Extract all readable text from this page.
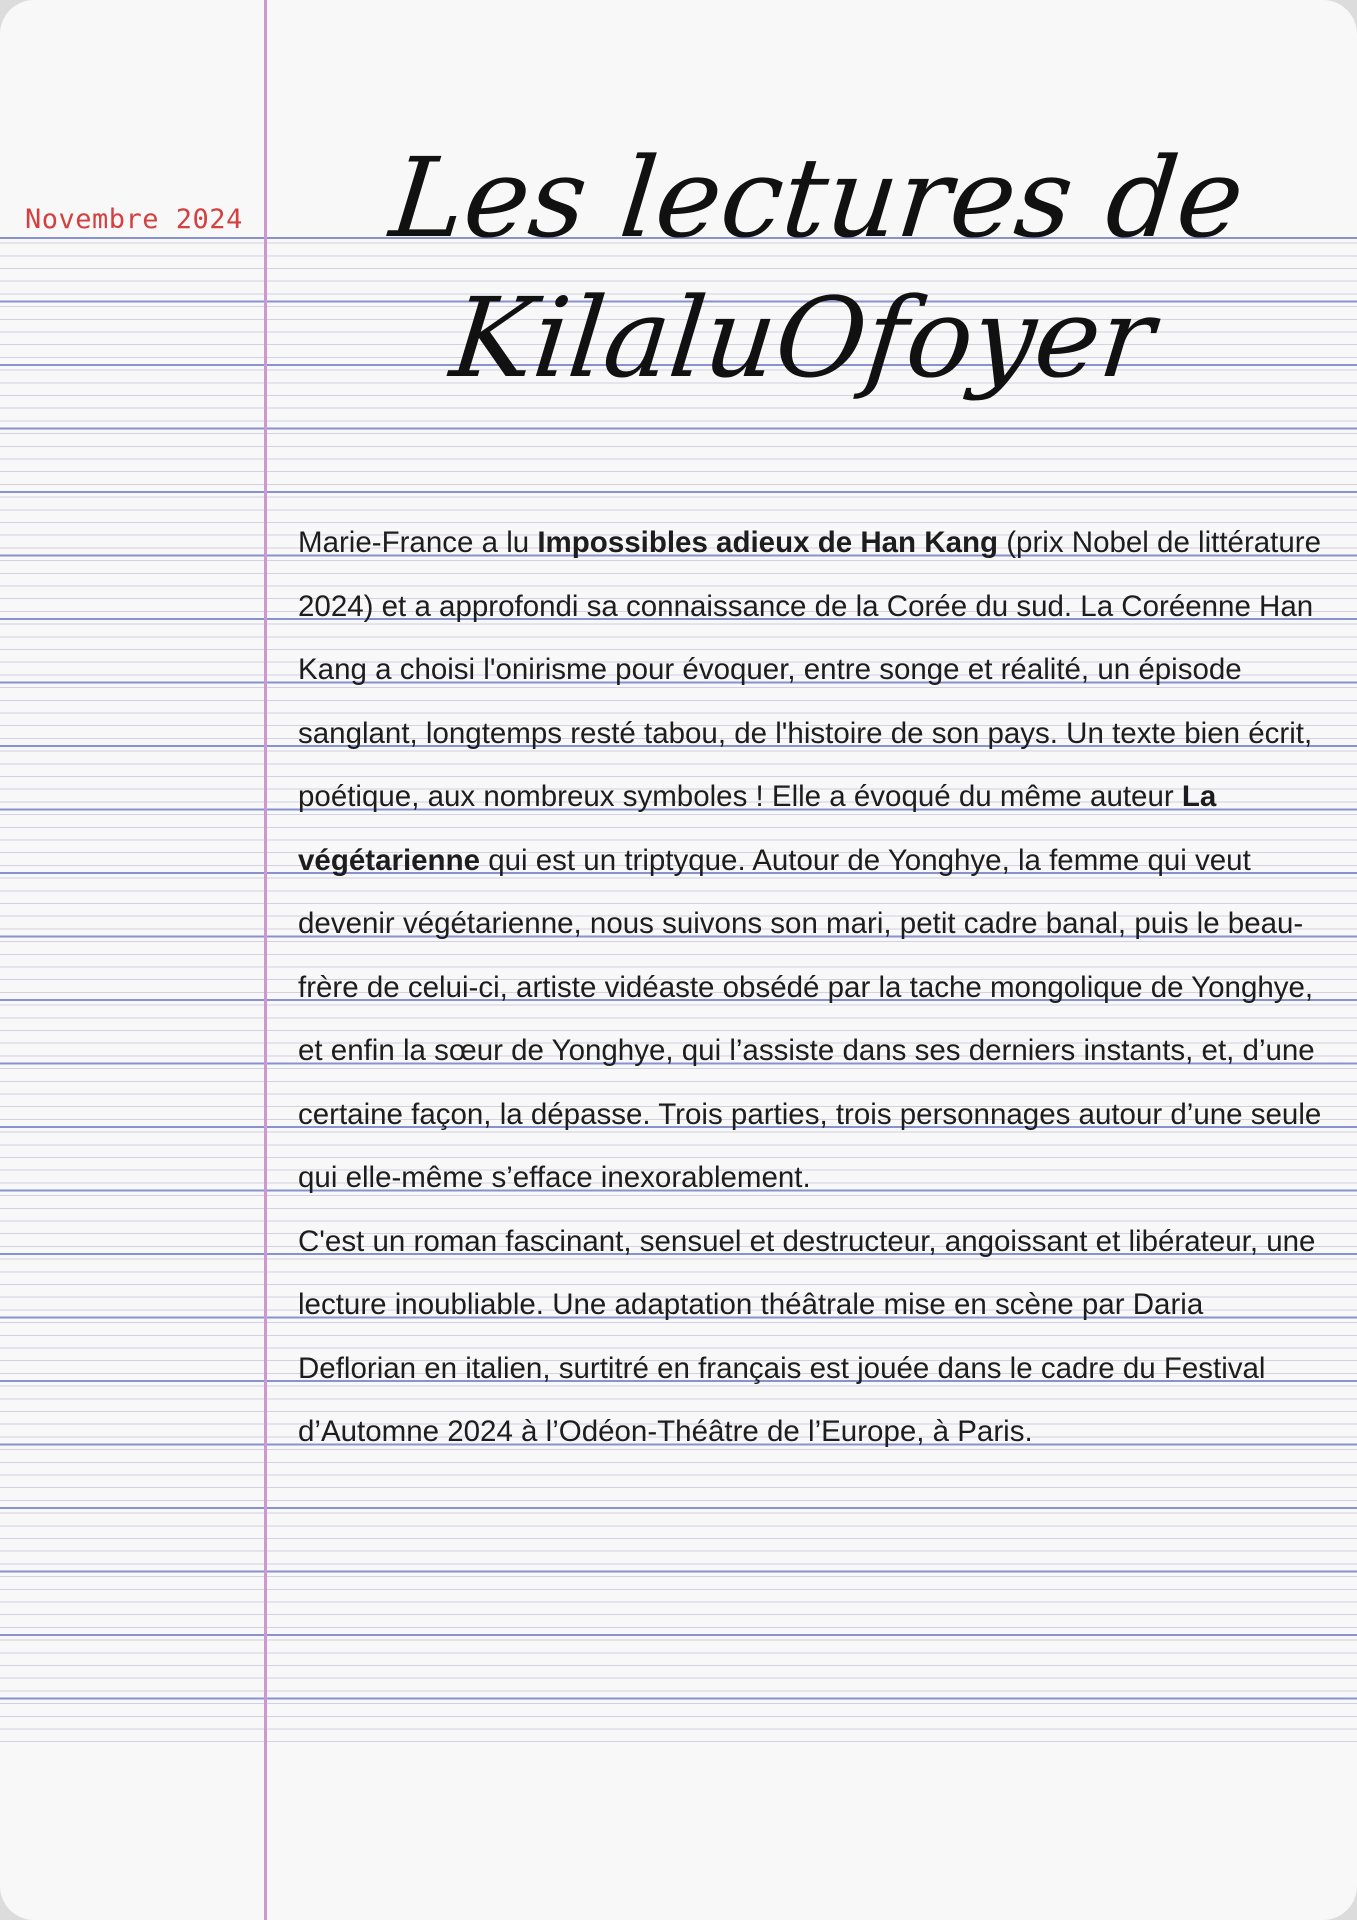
Novembre 2024	Les lectures de
KilaluOfoyer

Marie-France a lu Impossibles adieux de Han Kang (prix Nobel de littérature 2024) et a approfondi sa connaissance de la Corée du sud. La Coréenne Han Kang a choisi l'onirisme pour évoquer, entre songe et réalité, un épisode sanglant, longtemps resté tabou, de l'histoire de son pays. Un texte bien écrit, poétique, aux nombreux symboles ! Elle a évoqué du même auteur La végétarienne qui est un triptyque. Autour de Yonghye, la femme qui veut devenir végétarienne, nous suivons son mari, petit cadre banal, puis le beau-frère de celui-ci, artiste vidéaste obsédé par la tache mongolique de Yonghye, et enfin la sœur de Yonghye, qui l’assiste dans ses derniers instants, et, d’une certaine façon, la dépasse. Trois parties, trois personnages autour d’une seule qui elle-même s’efface inexorablement.

C'est un roman fascinant, sensuel et destructeur, angoissant et libérateur, une lecture inoubliable. Une adaptation théâtrale mise en scène par Daria Deflorian en italien, surtitré en français est jouée dans le cadre du Festival d’Automne 2024 à l’Odéon-Théâtre de l’Europe, à Paris.
